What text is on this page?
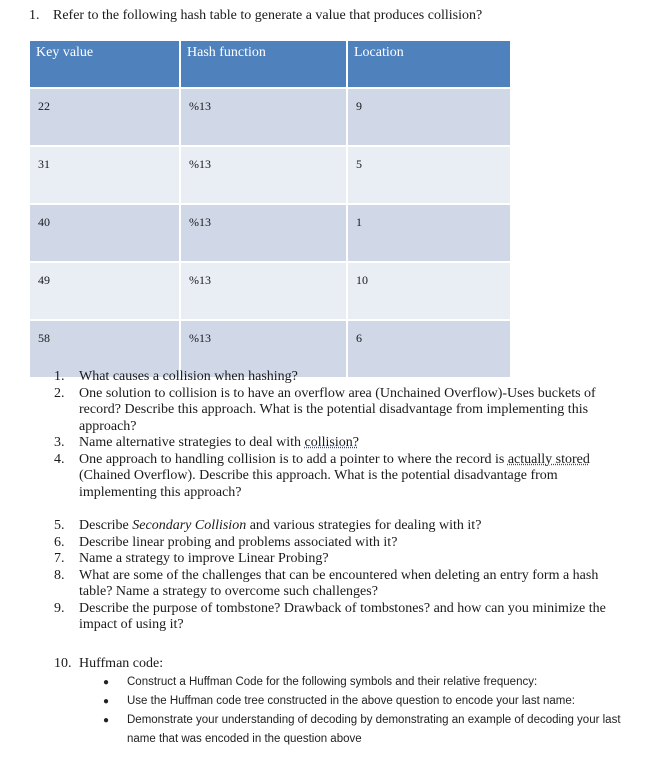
1. Refer to the following hash table to generate a value that produces collision?
Key value	Hash function	Location
22	%13	9
31	%13	5
40	%13	1
49	%13	10
58	%13	6
1.	What causes a collision when hashing?
2.	One solution to collision is to have an overflow area (Unchained Overflow)-Uses buckets of record? Describe this approach. What is the potential disadvantage from implementing this approach?
3.	Name alternative strategies to deal with collision?
4.	One approach to handling collision is to add a pointer to where the record is actually stored (Chained Overflow). Describe this approach. What is the potential disadvantage from implementing this approach?
5.	Describe Secondary Collision and various strategies for dealing with it?
6.	Describe linear probing and problems associated with it?
7.	Name a strategy to improve Linear Probing?
8.	What are some of the challenges that can be encountered when deleting an entry form a hash table? Name a strategy to overcome such challenges?
9.	Describe the purpose of tombstone? Drawback of tombstones? and how can you minimize the impact of using it?
10. Huffman code:
●	Construct a Huffman Code for the following symbols and their relative frequency:
●	Use the Huffman code tree constructed in the above question to encode your last name:
●	Demonstrate your understanding of decoding by demonstrating an example of decoding your last name that was encoded in the question above
